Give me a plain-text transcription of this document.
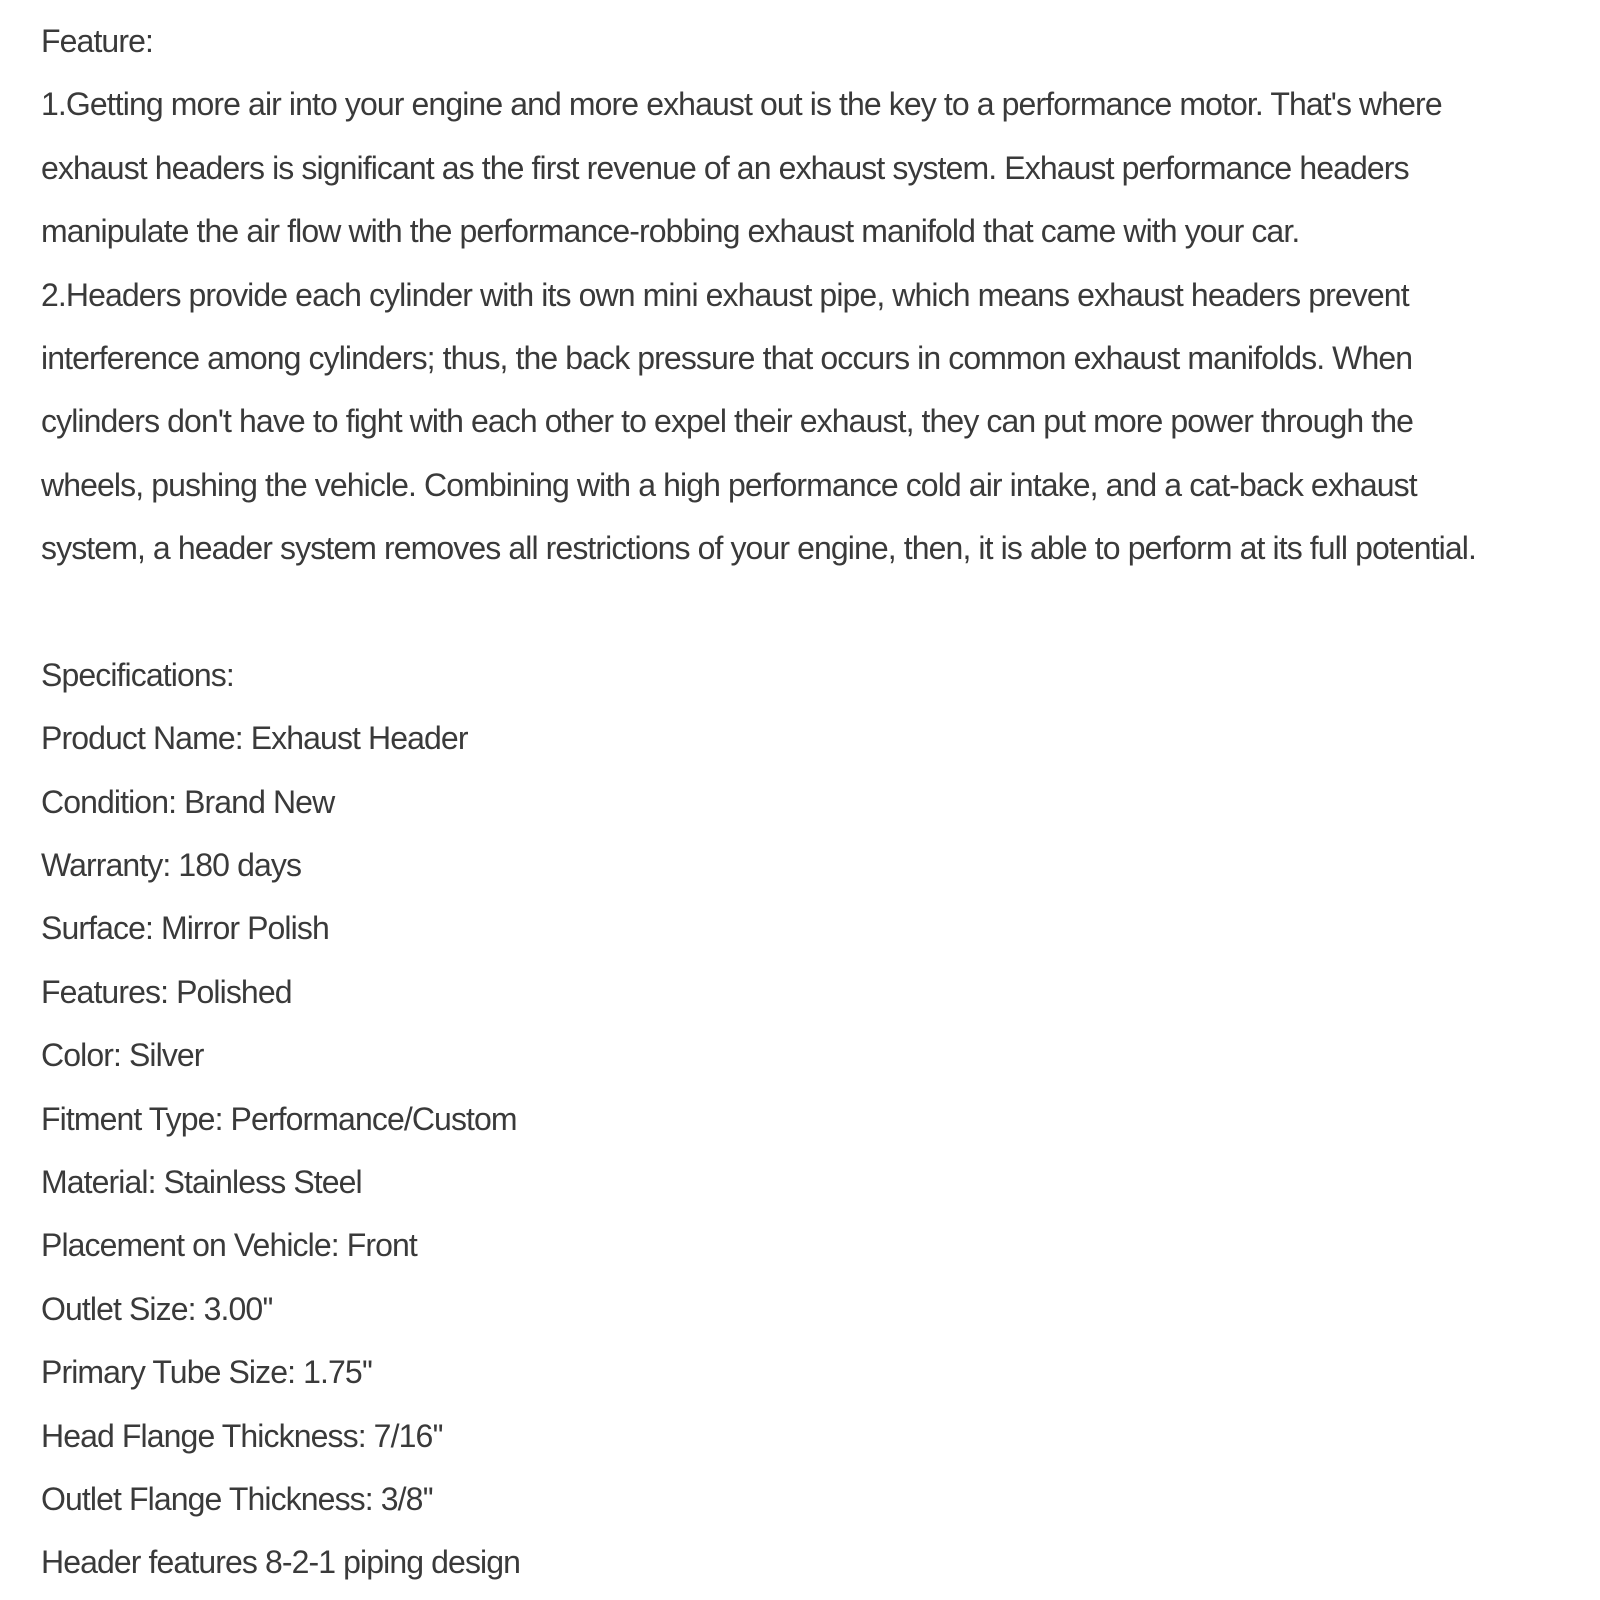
Feature:
1.Getting more air into your engine and more exhaust out is the key to a performance motor. That's where
exhaust headers is significant as the first revenue of an exhaust system. Exhaust performance headers
manipulate the air flow with the performance-robbing exhaust manifold that came with your car.
2.Headers provide each cylinder with its own mini exhaust pipe, which means exhaust headers prevent
interference among cylinders; thus, the back pressure that occurs in common exhaust manifolds. When
cylinders don't have to fight with each other to expel their exhaust, they can put more power through the
wheels, pushing the vehicle. Combining with a high performance cold air intake, and a cat-back exhaust
system, a header system removes all restrictions of your engine, then, it is able to perform at its full potential.
Specifications:
Product Name: Exhaust Header
Condition: Brand New
Warranty: 180 days
Surface: Mirror Polish
Features: Polished
Color: Silver
Fitment Type: Performance/Custom
Material: Stainless Steel
Placement on Vehicle: Front
Outlet Size: 3.00''
Primary Tube Size: 1.75''
Head Flange Thickness: 7/16''
Outlet Flange Thickness: 3/8''
Header features 8-2-1 piping design
